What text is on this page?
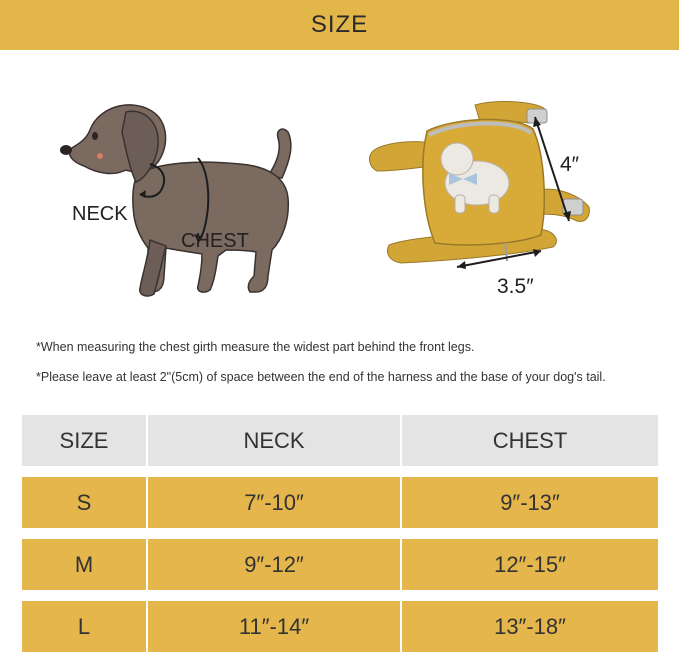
SIZE
NECK
CHEST
4″
3.5″
*When measuring the chest girth measure the widest part behind the front legs.
*Please leave at least 2"(5cm) of space between the end of the harness and the base of your dog's tail.
SIZE	NECK	CHEST
S	7″-10″	9″-13″
M	9″-12″	12″-15″
L	11″-14″	13″-18″
